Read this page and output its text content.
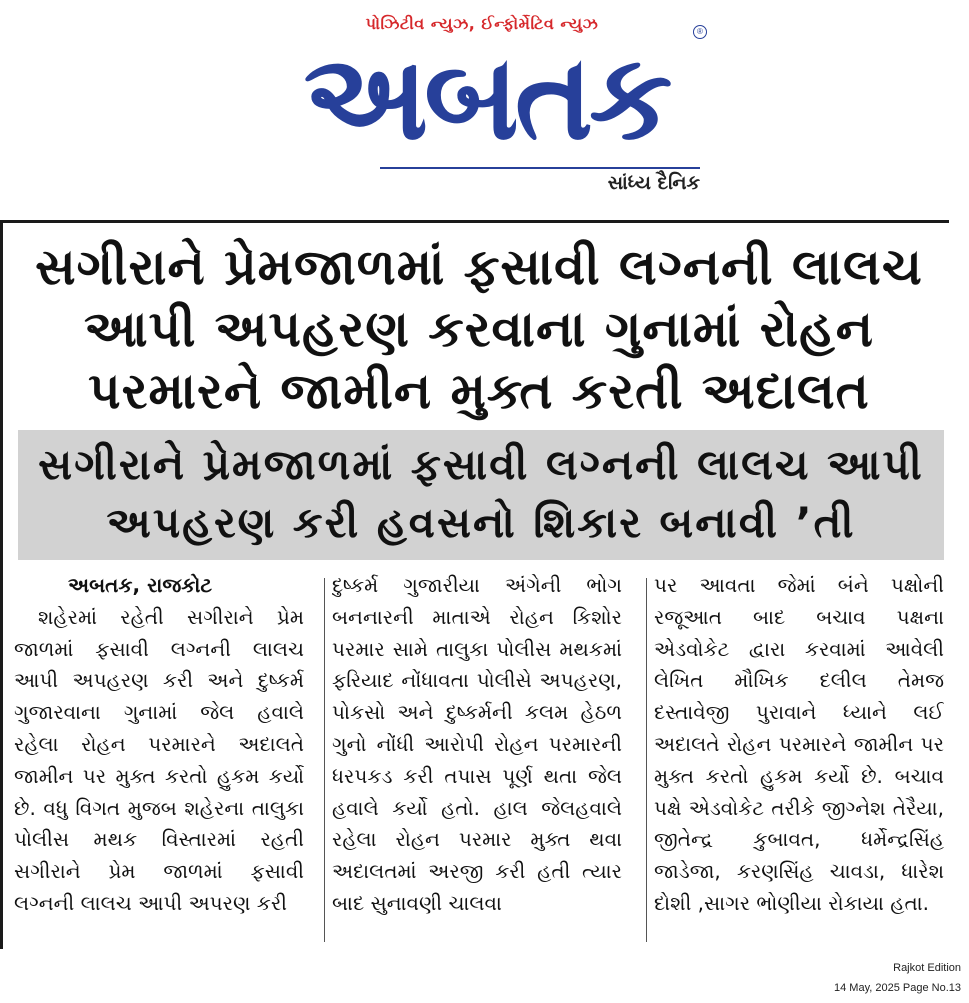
પોઝિટીવ ન્યુઝ, ઈન્ફોર્મેટિવ ન્યુઝ
અબતક	®
સાંધ્ય દૈનિક
સગીરાને પ્રેમજાળમાં ફસાવી લગ્નની લાલચ આપી અપહરણ કરવાના ગુનામાં રોહન પરમારને જામીન મુક્ત કરતી અદાલત
સગીરાને પ્રેમજાળમાં ફસાવી લગ્નની લાલચ આપી અપહરણ કરી હવસનો શિકાર બનાવી ’તી
અબતક, રાજકોટ
શહેરમાં રહેતી સગીરાને પ્રેમ જાળમાં ફસાવી લગ્નની લાલચ આપી અપહરણ કરી અને દુષ્કર્મ ગુજારવાના ગુનામાં જેલ હવાલે રહેલા રોહન પરમારને અદાલતે જામીન પર મુક્ત કરતો હુકમ કર્યો છે. વધુ વિગત મુજબ શહેરના તાલુકા પોલીસ મથક વિસ્તારમાં રહતી સગીરાને પ્રેમ જાળમાં ફસાવી લગ્નની લાલચ આપી અપરણ કરી
દુષ્કર્મ ગુજારીયા અંગેની ભોગ બનનારની માતાએ રોહન કિશોર પરમાર સામે તાલુકા પોલીસ મથકમાં ફરિયાદ નોંધાવતા પોલીસે અપહરણ, પોકસો અને દુષ્કર્મની કલમ હેઠળ ગુનો નોંધી આરોપી રોહન પરમારની ધરપકડ કરી તપાસ પૂર્ણ થતા જેલ હવાલે કર્યો હતો. હાલ જેલહવાલે રહેલા રોહન પરમાર મુક્ત થવા અદાલતમાં અરજી કરી હતી ત્યાર બાદ સુનાવણી ચાલવા
પર આવતા જેમાં બંને પક્ષોની રજૂઆત બાદ બચાવ પક્ષના એડવોકેટ દ્વારા કરવામાં આવેલી લેખિત મૌખિક દલીલ તેમજ દસ્તાવેજી પુરાવાને ધ્યાને લઈ અદાલતે રોહન પરમારને જામીન પર મુક્ત કરતો હુકમ કર્યો છે. બચાવ પક્ષે એડવોકેટ તરીકે જીગ્નેશ તેરૈયા, જીતેન્દ્ર કુબાવત, ધર્મેન્દ્રસિંહ જાડેજા, કરણસિંહ ચાવડા, ધારેશ દોશી ,સાગર ભોણીયા રોકાયા હતા.
Rajkot Edition
14 May, 2025 Page No.13
